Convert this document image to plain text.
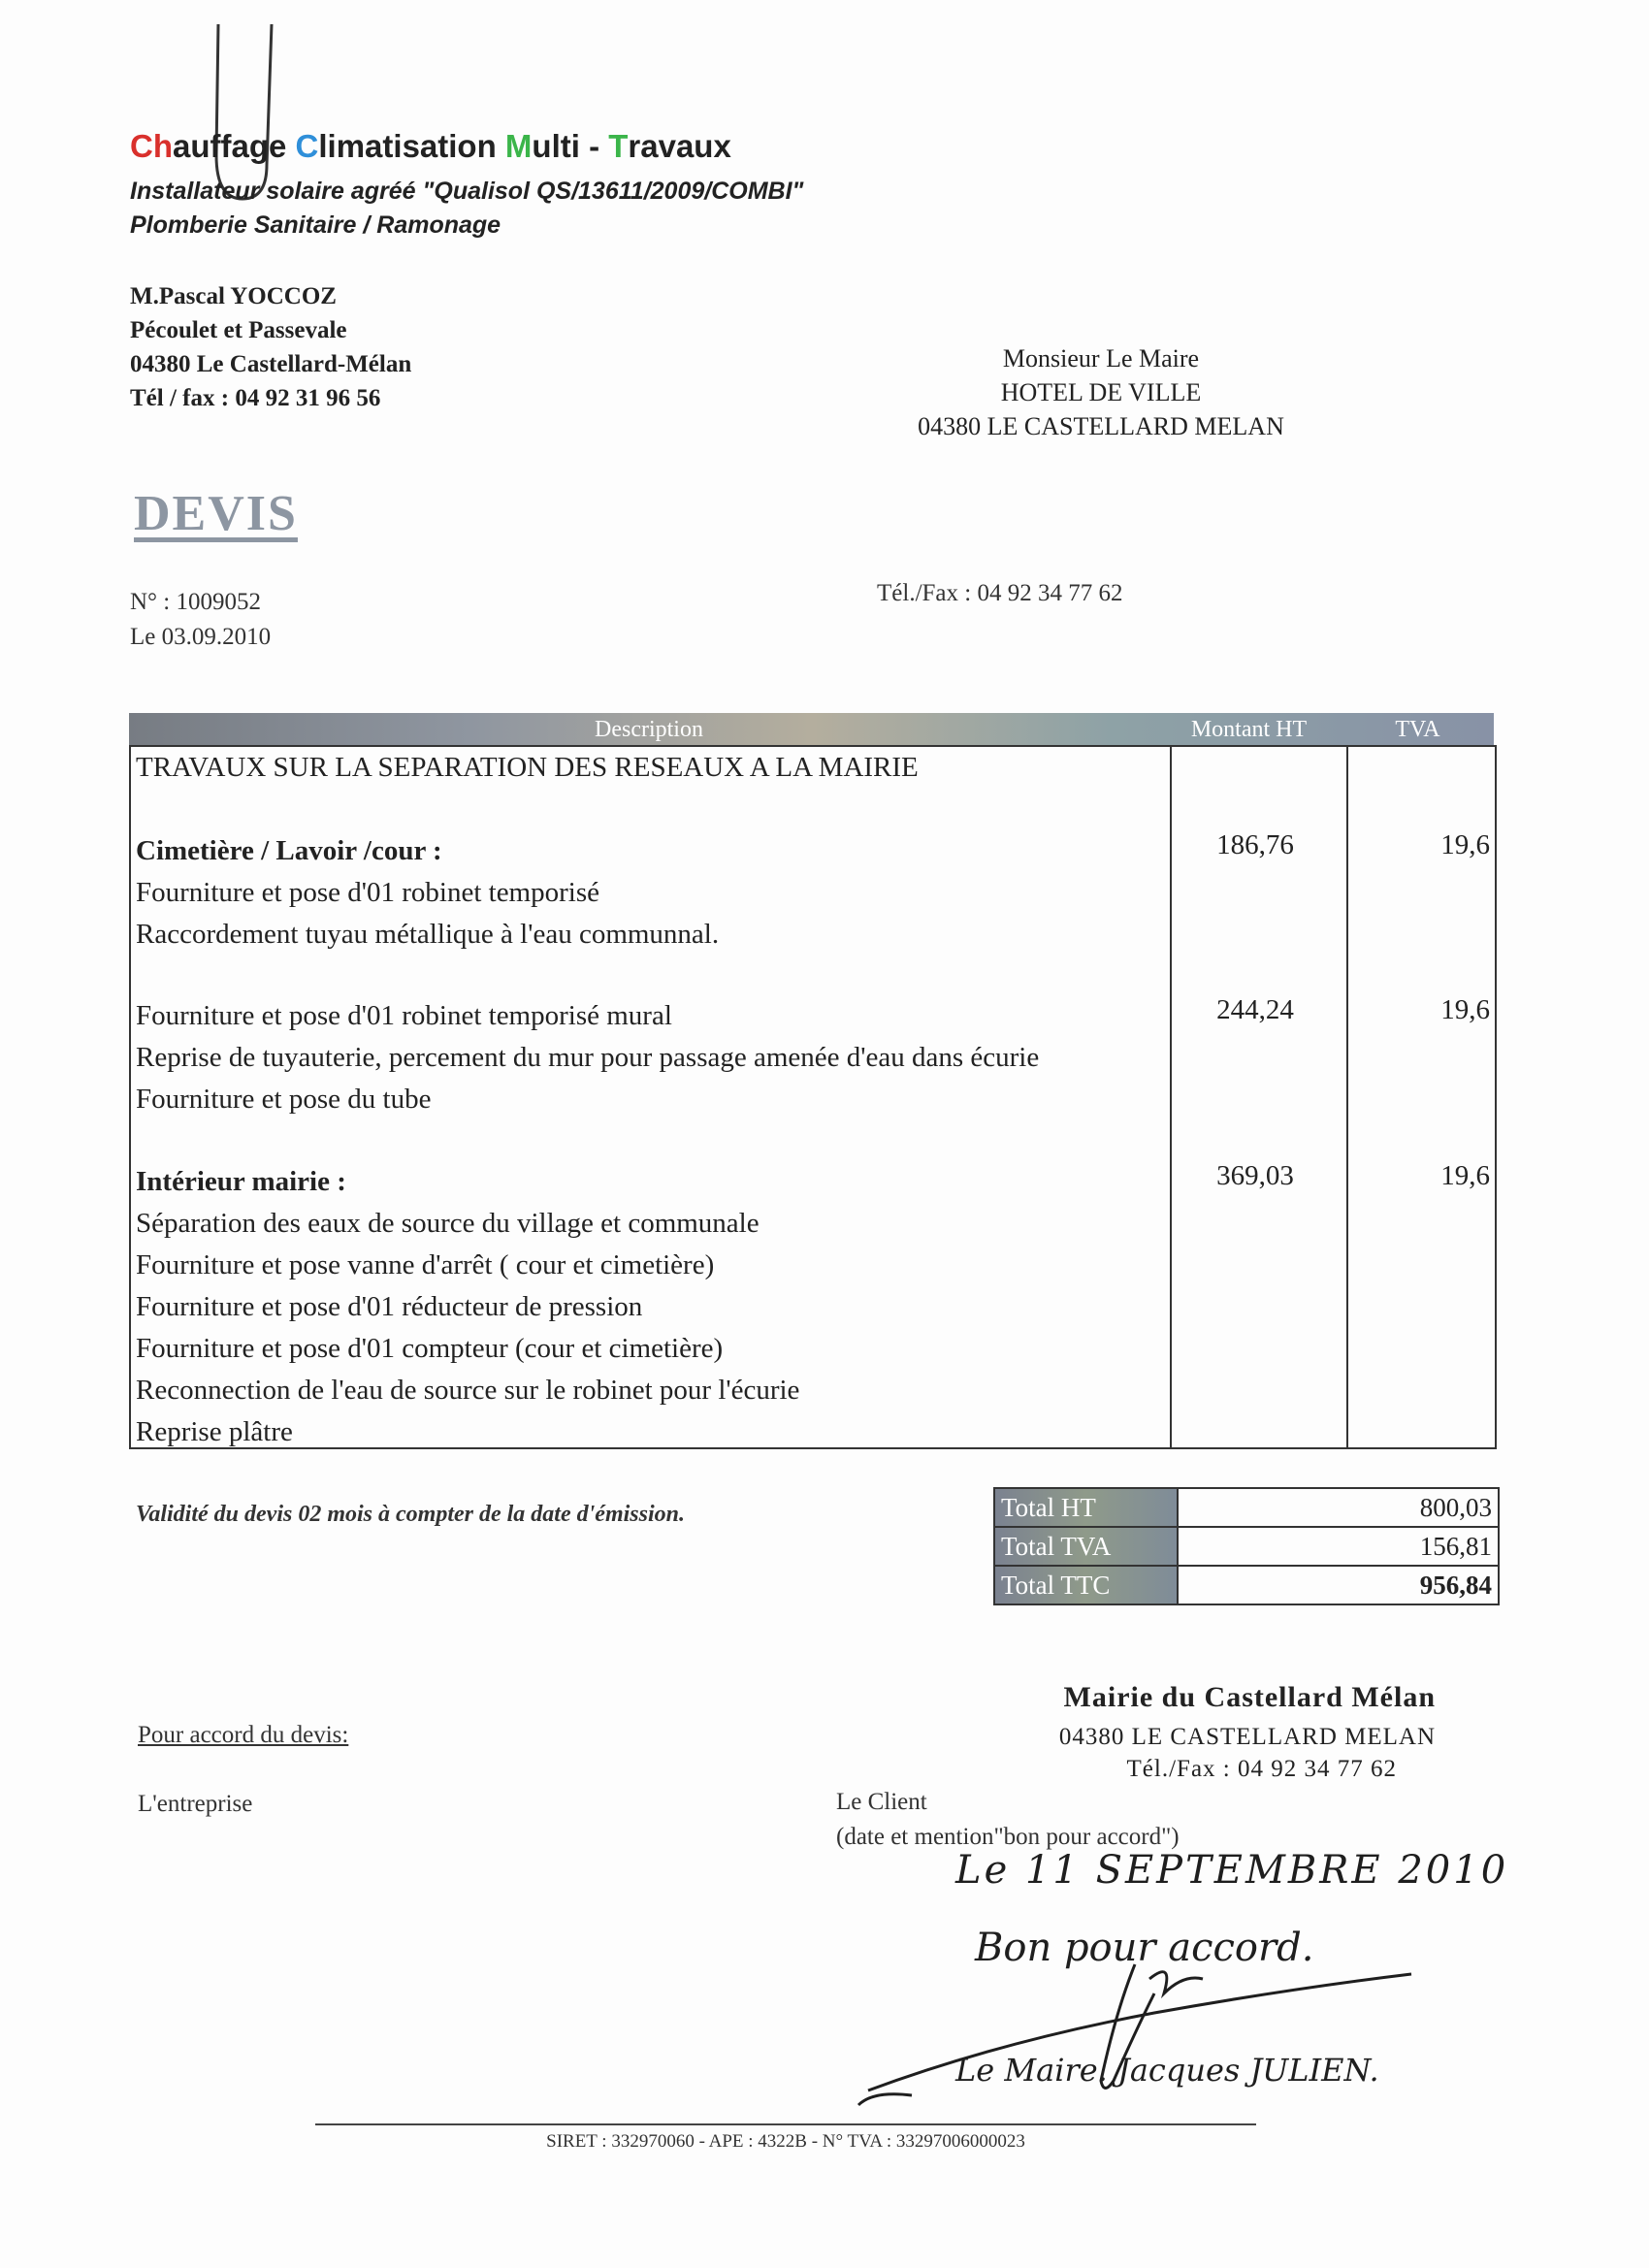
Chauffage Climatisation Multi - Travaux
Installateur solaire agréé "Qualisol QS/13611/2009/COMBI"
Plomberie Sanitaire / Ramonage
M.Pascal YOCCOZ
Pécoulet et Passevale
04380 Le Castellard-Mélan
Tél / fax : 04 92 31 96 56
Monsieur Le Maire
HOTEL DE VILLE
04380 LE CASTELLARD MELAN
DEVIS
N° : 1009052
Le 03.09.2010
Tél./Fax : 04 92 34 77 62
Description	Montant HT	TVA
TRAVAUX SUR LA SEPARATION DES RESEAUX A LA MAIRIE
Cimetière / Lavoir /cour :
Fourniture et pose d'01 robinet temporisé
Raccordement tuyau métallique à l'eau communnal.
186,76	19,6
Fourniture et pose d'01 robinet temporisé mural
Reprise de tuyauterie, percement du mur pour passage amenée d'eau dans écurie
Fourniture et pose du tube
244,24	19,6
Intérieur mairie :
Séparation des eaux de source du village et communale
Fourniture et pose vanne d'arrêt ( cour et cimetière)
Fourniture et pose d'01 réducteur de pression
Fourniture et pose d'01 compteur (cour et cimetière)
Reconnection de l'eau de source sur le robinet pour l'écurie
Reprise plâtre
369,03	19,6
Validité du devis 02 mois à compter de la date d'émission.	Total HT	800,03
Total TVA	156,81
Total TTC	956,84
Mairie du Castellard Mélan
04380 LE CASTELLARD MELAN
Tél./Fax : 04 92 34 77 62
Pour accord du devis:
L'entreprise	Le Client
(date et mention"bon pour accord")
Le 11 SEPTEMBRE 2010
Bon pour accord.
Le Maire. Jacques JULIEN.
SIRET : 332970060 - APE : 4322B - N° TVA : 33297006000023
